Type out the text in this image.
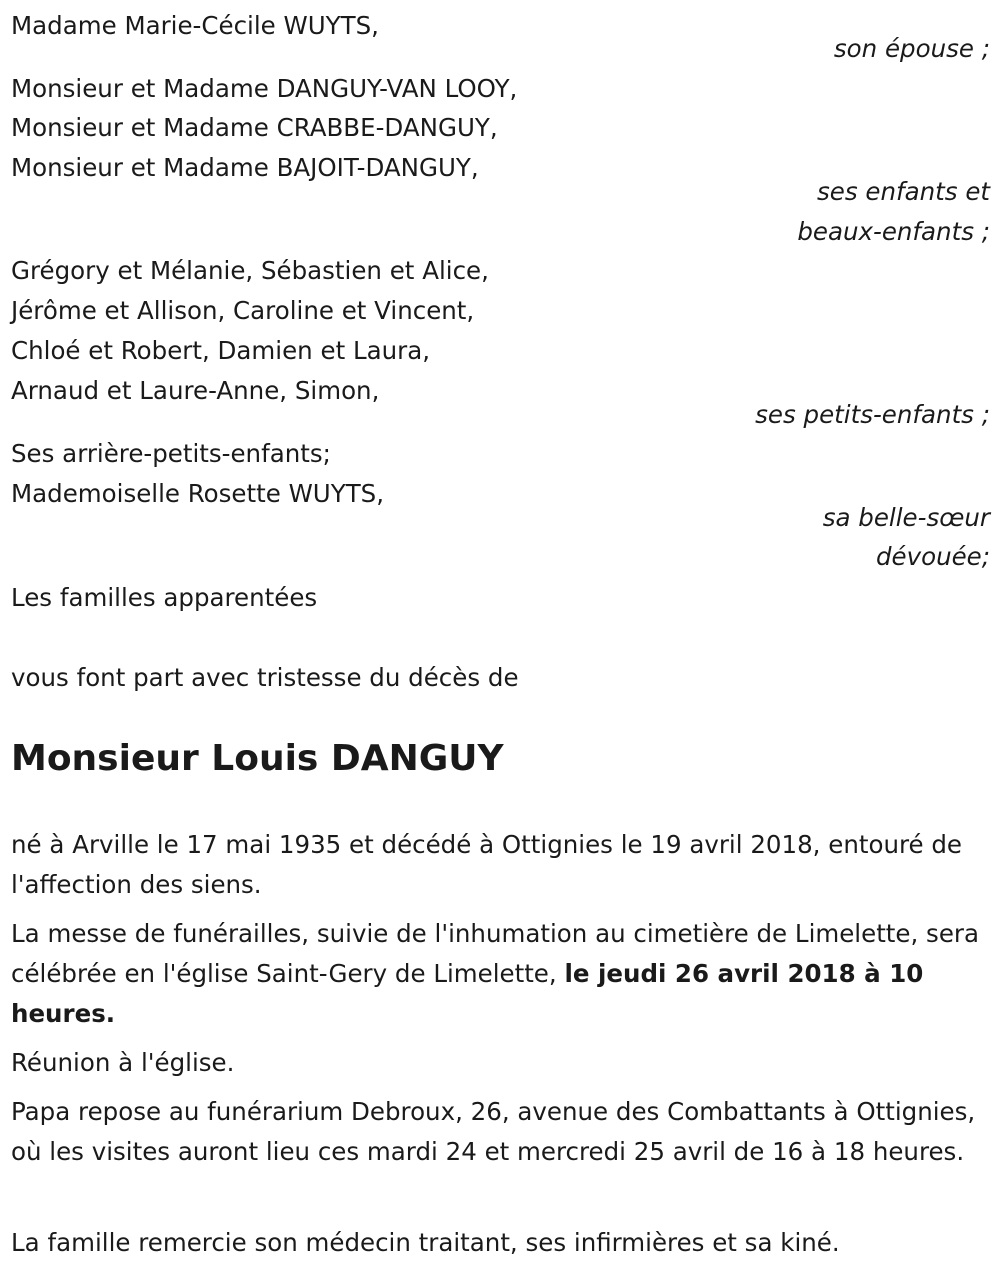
Madame Marie-Cécile WUYTS,
son épouse ;
Monsieur et Madame DANGUY-VAN LOOY,
Monsieur et Madame CRABBE-DANGUY,
Monsieur et Madame BAJOIT-DANGUY,
ses enfants et
beaux-enfants ;
Grégory et Mélanie, Sébastien et Alice,
Jérôme et Allison, Caroline et Vincent,
Chloé et Robert, Damien et Laura,
Arnaud et Laure-Anne, Simon,
ses petits-enfants ;
Ses arrière-petits-enfants;
Mademoiselle Rosette WUYTS,
sa belle-sœur
dévouée;
Les familles apparentées
vous font part avec tristesse du décès de
Monsieur Louis DANGUY
né à Arville le 17 mai 1935 et décédé à Ottignies le 19 avril 2018, entouré de l'affection des siens.
La messe de funérailles, suivie de l'inhumation au cimetière de Limelette, sera célébrée en l'église Saint-Gery de Limelette, le jeudi 26 avril 2018 à 10 heures.
Réunion à l'église.
Papa repose au funérarium Debroux, 26, avenue des Combattants à Ottignies, où les visites auront lieu ces mardi 24 et mercredi 25 avril de 16 à 18 heures.
La famille remercie son médecin traitant, ses infirmières et sa kiné.
